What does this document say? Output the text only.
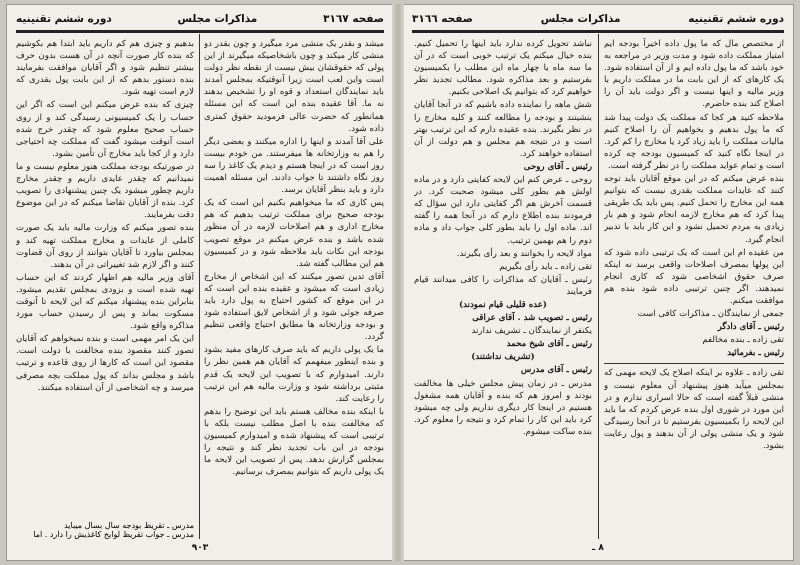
صفحه ٣١٦٧
مذاکرات مجلس
دوره ششم تقنینیه

میشد و بقدر یک منشی مرد میگیرد و چون بقدر دو منشی کار میکند و چون باشخاصیکه میگیرند از این پولی که حقوقشان بیش نیست از نقطه نظر دولت است واین لعب است زیرا آنوقتیکه بمجلس آمدند باید نمایندگان استعداد و قوه او را تشخیص بدهند نه ما. آقا عقیده بنده این است که این مسئله همانطور که حضرت عالی فرمودید حقوق کمتری داده شود.

علی آقا آمدند و اینها را اداره میکنند و بعضی دیگر را هم به وزارتخانه ها میفرستند. من خودم بیست روز است که در اینجا هستم و دیدم یک کاغذ را سه روز نگاه داشتند تا جواب دادند. این مسئله اهمیت دارد و باید بنظر آقایان برسد.

پس کاری که ما میخواهیم بکنیم این است که یک بودجه صحیح برای مملکت ترتیب بدهیم که هم مخارج اداری و هم اصلاحات لازمه در آن منظور شده باشد و بنده عرض میکنم در موقع تصویب بودجه این نکات باید ملاحظه شود و در کمیسیون هم این مطالب گفته شد.

آقای تدین تصور میکنند که این اشخاص از مخارج زیادی است که میشود و عقیده بنده این است که در این موقع که کشور احتیاج به پول دارد باید صرفه جوئی شود و از اشخاص لایق استفاده شود و بودجه وزارتخانه ها مطابق احتیاج واقعی تنظیم گردد.

ما یک پولی داریم که باید صرف کارهای مفید بشود و بنده اینطور میفهمم که آقایان هم همین نظر را دارند. امیدوارم که با تصویب این لایحه یک قدم مثبتی برداشته شود و وزارت مالیه هم این ترتیب را رعایت کند.

با اینکه بنده مخالف هستم باید این توضیح را بدهم که مخالفت بنده با اصل مطلب نیست بلکه با ترتیبی است که پیشنهاد شده و امیدوارم کمیسیون بودجه در این باب تجدید نظر کند و نتیجه را بمجلس گزارش بدهد. پس از تصویب این لایحه ما یک پولی داریم که بتوانیم بمصرف برسانیم.

بدهیم و چیزی هم کم داریم باید ابتدا هم بکوشیم که بنده کار صورت آنچه در آن هست بدون حرف بیشتر تنظیم شود و اگر آقایان موافقت بفرمایند بنده دستور بدهم که از این بابت پول بقدری که لازم است تهیه شود.

چیزی که بنده عرض میکنم این است که اگر این حساب را یک کمیسیونی رسیدگی کند و از روی حساب صحیح معلوم شود که چقدر خرج شده است آنوقت میشود گفت که مملکت چه احتیاجی دارد و از کجا باید مخارج آن تأمین بشود.

در صورتیکه بودجه مملکت هنوز معلوم نیست و ما نمیدانیم که چقدر عایدی داریم و چقدر مخارج داریم چطور میشود یک چنین پیشنهادی را تصویب کرد. بنده از آقایان تقاضا میکنم که در این موضوع دقت بفرمایند.

بنده تصور میکنم که وزارت مالیه باید یک صورت کاملی از عایدات و مخارج مملکت تهیه کند و بمجلس بیاورد تا آقایان بتوانند از روی آن قضاوت کنند و اگر لازم شد تغییراتی در آن بدهند.

آقای وزیر مالیه هم اظهار کردند که این حساب تهیه شده است و بزودی بمجلس تقدیم میشود. بنابراین بنده پیشنهاد میکنم که این لایحه تا آنوقت مسکوت بماند و پس از رسیدن حساب مورد مذاکره واقع شود.

این یک امر مهمی است و بنده نمیخواهم که آقایان تصور کنند مقصود بنده مخالفت با دولت است. مقصود این است که کارها از روی قاعده و ترتیب باشد و مجلس بداند که پول مملکت بچه مصرفی میرسد و چه اشخاصی از آن استفاده میکنند.

مدرس ـ تقریظ بودجه سال بسال میباید
مدرس ـ جواب تقریظ لوایح کاغذیش را دارد . اما
٩٠٣
دوره ششم تقنینیه
مذاکرات مجلس
صفحه ٣١٦٦

از مختصص مال که ما پول داده اخیراً بودجه ایم امتیاز مملکت داده شود و مدت وزیر در مراجعه به خود باشد که ما پول داده ایم و از آن استفاده شود. یک کارهای که از این بابت ما در مملکت داریم با وزیر مالیه و اینها نیست و اگر دولت باید آن را اصلاح کند بنده حاضرم.

ملاحظه کنید هر کجا که مملکت یک دولت پیدا شد که ما پول بدهیم و بخواهیم آن را اصلاح کنیم مالیات مملکت را باید زیاد کرد یا مخارج را کم کرد. در اینجا نگاه کنید که کمیسیون بودجه چه کرده است و تمام عواید مملکت را در نظر گرفته است.

بنده عرض میکنم که در این موقع آقایان باید توجه کنند که عایدات مملکت بقدری نیست که بتوانیم همه این مخارج را تحمل کنیم. پس باید یک طریقی پیدا کرد که هم مخارج لازمه انجام شود و هم بار زیادی به مردم تحمیل نشود و این کار باید با تدبیر انجام گیرد.

من عقیده ام این است که یک ترتیبی داده شود که این پولها بمصرف اصلاحات واقعی برسد نه اینکه صرف حقوق اشخاصی شود که کاری انجام نمیدهند. اگر چنین ترتیبی داده شود بنده هم موافقت میکنم.

جمعی از نمایندگان ـ مذاکرات کافی است

رئیس ـ آقای دادگر

تقی زاده ـ بنده مخالفم

رئیس ـ بفرمائید

تقی زاده ـ علاوه بر اینکه اصلاح یک لایحه مهمی که بمجلس میآید هنوز پیشنهاد آن معلوم نیست و منشی قبلاً گفته است که حالا اسراری ندارم و در این مورد در شوری اول بنده عرض کردم که ما باید این لایحه را بکمیسیون بفرستیم تا در آنجا رسیدگی شود و یک منشی پولی از آن بدهند و پول رعایت بشود.

نباشد تحویل کرده ندارد باید اینها را تحمیل کنیم. بنده خیال میکنم یک ترتیب خوبی است که در آن ما سه ماه یا چهار ماه این مطلب را بکمیسیون بفرستیم و بعد مذاکره شود. مطالب تجدید نظر خواهیم کرد که بتوانیم یک اصلاحی بکنیم.

شش ماهه را نماینده داده باشیم که در آنجا آقایان بنشینند و بودجه را مطالعه کنند و کلیه مخارج را در نظر بگیرند. بنده عقیده دارم که این ترتیب بهتر است و در نتیجه هم مجلس و هم دولت از آن استفاده خواهند کرد.

رئیس ـ آقای روحی

روحی ـ عرض کنم این لایحه کفایتی دارد و در ماده اولش هم بطور کلی میشود صحبت کرد. در قسمت آخرش هم اگر کفایتی دارد این سؤال که فرمودند بنده اطلاع دارم که در آنجا همه را گفته اند. ماده اول را باید بطور کلی جواب داد و ماده دوم را هم بهمین ترتیب.

مواد لایحه را بخوانند و بعد رأی بگیرند.

تقی زاده ـ باید رأی بگیریم

رئیس ـ آقایان که مذاکرات را کافی میدانند قیام فرمایند

(عده قلیلی قیام نمودند)

رئیس ـ تصویب شد . آقای عراقی

یکنفر از نمایندگان ـ تشریف ندارند

رئیس ـ آقای شیخ محمد

(تشریف نداشتند)

رئیس ـ آقای مدرس

مدرس ـ در زمان پیش مجلس خیلی ها مخالفت بودند و امروز هم که بنده و آقایان همه مشغول هستیم در اینجا کار دیگری نداریم ولی چه میشود کرد باید این کار را تمام کرد و نتیجه را معلوم کرد. بنده ساکت میشوم.

٨ ـ
